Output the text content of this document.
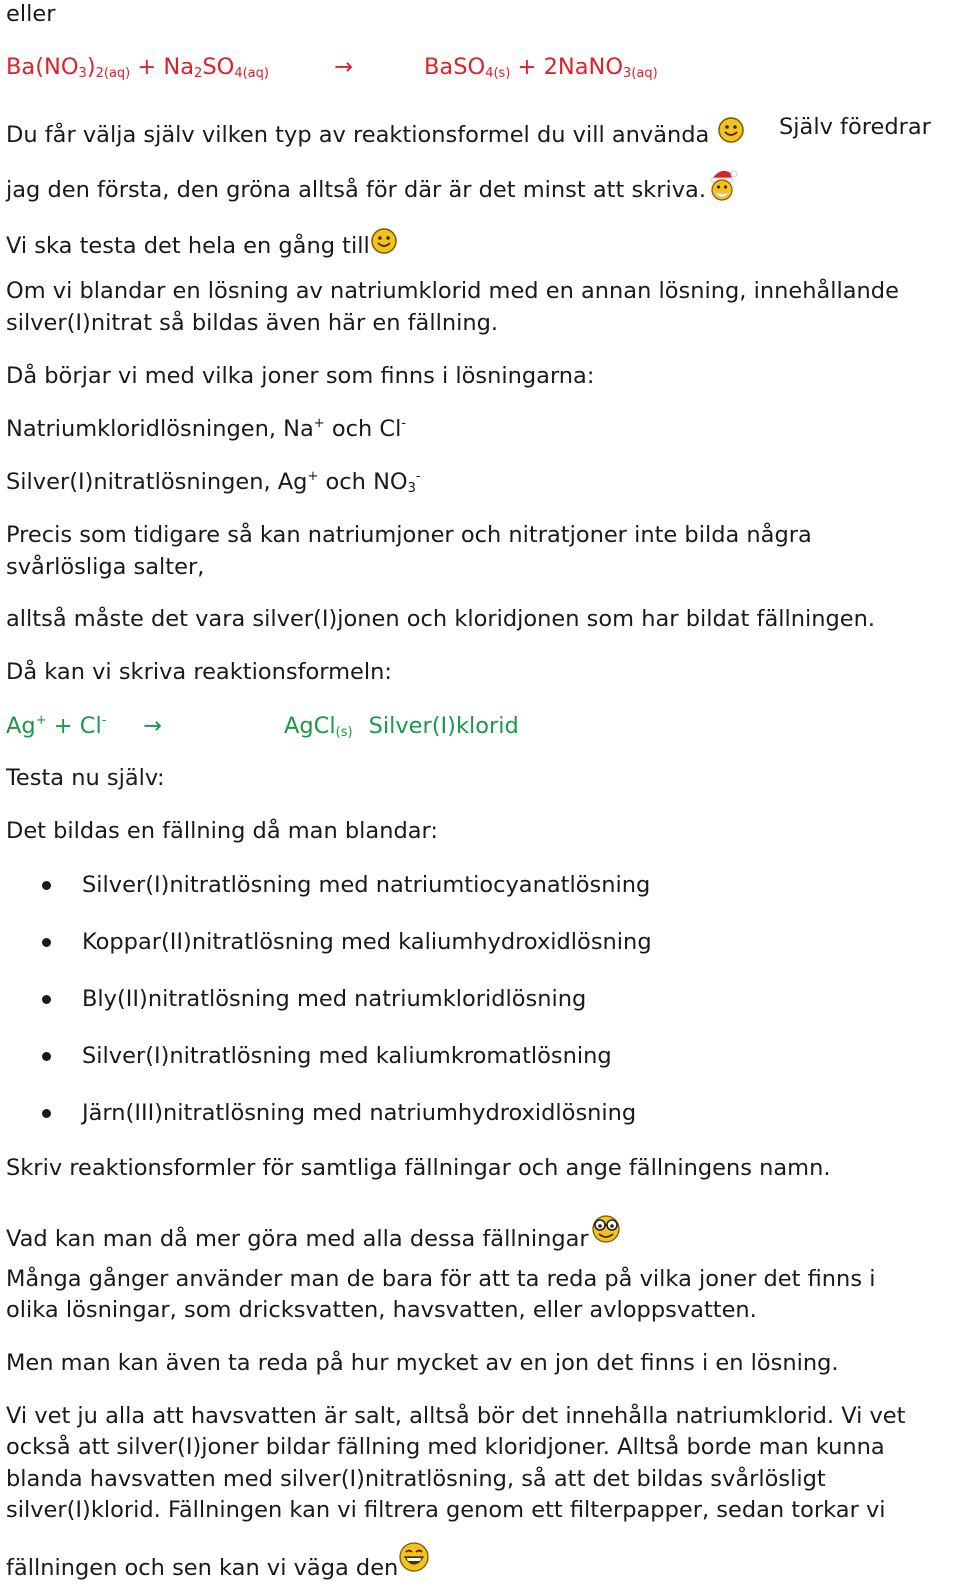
eller
$Ba(NO_3)_{2(aq)} + Na_2SO_{4(aq)}$	→	BaSO$_{4(s)}$ + 2NaNO$_{3(aq)}$
Du får välja själv vilken typ av reaktionsformel du vill använda	Själv föredrar
jag den första, den gröna alltså för där är det minst att skriva.
Vi ska testa det hela en gång till
Om vi blandar en lösning av natriumklorid med en annan lösning, innehållande
silver(I)nitrat så bildas även här en fällning.
Då börjar vi med vilka joner som finns i lösningarna:
Natriumkloridlösningen, Na+ och Cl-
Silver(I)nitratlösningen, Ag+ och $NO_3^-$
Precis som tidigare så kan natriumjoner och nitratjoner inte bilda några
svårlösliga salter,
alltså måste det vara silver(I)jonen och kloridjonen som har bildat fällningen.
Då kan vi skriva reaktionsformeln:
Ag+ + Cl- →	AgCl$_{(s)}$ Silver(I)klorid
Testa nu själv:
Det bildas en fällning då man blandar:
Silver(I)nitratlösning med natriumtiocyanatlösning
Koppar(II)nitratlösning med kaliumhydroxidlösning
Bly(II)nitratlösning med natriumkloridlösning
Silver(I)nitratlösning med kaliumkromatlösning
Järn(III)nitratlösning med natriumhydroxidlösning
Skriv reaktionsformler för samtliga fällningar och ange fällningens namn.
Vad kan man då mer göra med alla dessa fällningar
Många gånger använder man de bara för att ta reda på vilka joner det finns i
olika lösningar, som dricksvatten, havsvatten, eller avloppsvatten.
Men man kan även ta reda på hur mycket av en jon det finns i en lösning.
Vi vet ju alla att havsvatten är salt, alltså bör det innehålla natriumklorid. Vi vet
också att silver(I)joner bildar fällning med kloridjoner. Alltså borde man kunna
blanda havsvatten med silver(I)nitratlösning, så att det bildas svårlösligt
silver(I)klorid. Fällningen kan vi filtrera genom ett filterpapper, sedan torkar vi
fällningen och sen kan vi väga den
